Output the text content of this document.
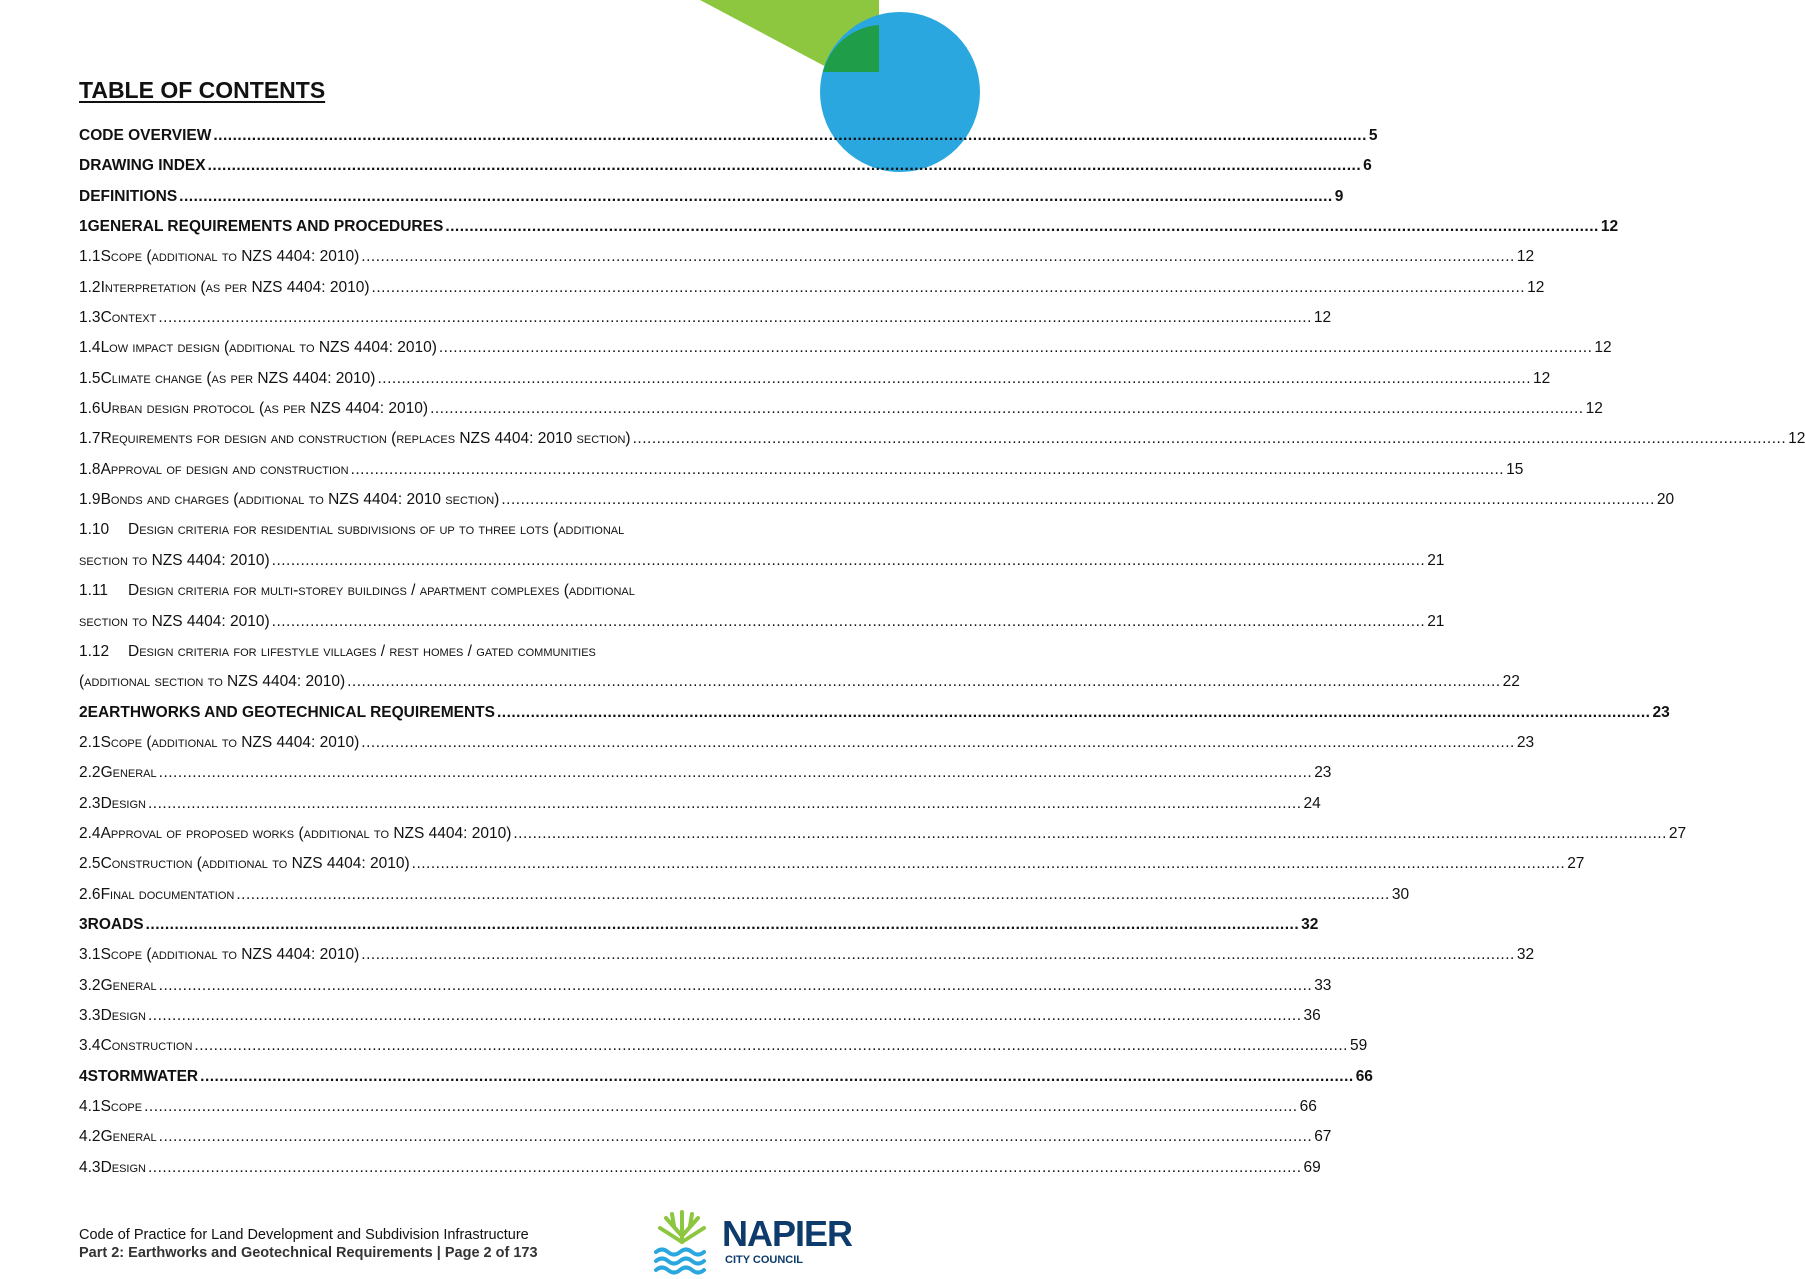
TABLE OF CONTENTS
CODE OVERVIEW .....	5
DRAWING INDEX .....	6
DEFINITIONS .....	9
1 GENERAL REQUIREMENTS AND PROCEDURES .....	12
1.1 Scope (additional to NZS 4404: 2010) .....	12
1.2 Interpretation (as per NZS 4404: 2010) .....	12
1.3 Context .....	12
1.4 Low impact design (additional to NZS 4404: 2010) .....	12
1.5 Climate change (as per NZS 4404: 2010) .....	12
1.6 Urban design protocol (as per NZS 4404: 2010) .....	12
1.7 Requirements for design and construction (replaces NZS 4404: 2010 section) .....	12
1.8 Approval of design and construction .....	15
1.9 Bonds and charges (additional to NZS 4404: 2010 section) .....	20
1.10	Design criteria for residential subdivisions of up to three lots (additional
section to NZS 4404: 2010) .....	21
1.11	Design criteria for multi-storey buildings / apartment complexes (additional
section to NZS 4404: 2010) .....	21
1.12	Design criteria for lifestyle villages / rest homes / gated communities
(additional section to NZS 4404: 2010) .....	22
2 EARTHWORKS AND GEOTECHNICAL REQUIREMENTS .....	23
2.1 Scope (additional to NZS 4404: 2010) .....	23
2.2 General .....	23
2.3 Design .....	24
2.4 Approval of proposed works (additional to NZS 4404: 2010) .....	27
2.5 Construction (additional to NZS 4404: 2010) .....	27
2.6 Final documentation .....	30
3 ROADS .....	32
3.1 Scope (additional to NZS 4404: 2010) .....	32
3.2 General .....	33
3.3 Design .....	36
3.4 Construction .....	59
4 STORMWATER .....	66
4.1 Scope .....	66
4.2 General .....	67
4.3 Design .....	69
Code of Practice for Land Development and Subdivision Infrastructure
Part 2: Earthworks and Geotechnical Requirements | Page 2 of 173	NAPIER
CITY COUNCIL
